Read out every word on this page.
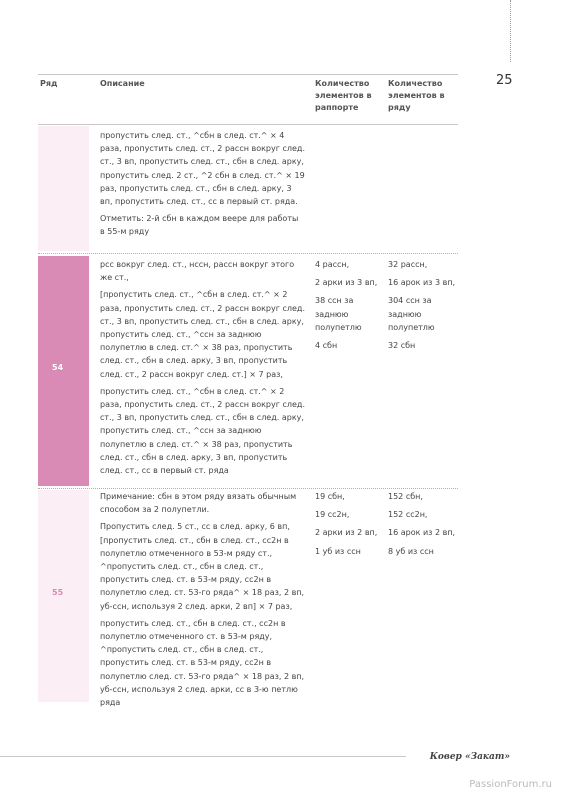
25
Ряд	Описание	Количество элементов в раппорте
Количество элементов в ряду

пропустить след. ст., ^сбн в след. ст.^ × 4 раза, пропустить след. ст., 2 рассн вокруг след. ст., 3 вп, пропустить след. ст., сбн в след. арку, пропустить след. 2 ст., ^2 сбн в след. ст.^ × 19 раз, пропустить след. ст., сбн в след. арку, 3 вп, пропустить след. ст., сс в первый ст. ряда.

Отметить: 2-й сбн в каждом веере для работы в 55-м ряду

54

рсс вокруг след. ст., нссн, рассн вокруг этого же ст.,

[пропустить след. ст., ^сбн в след. ст.^ × 2 раза, пропустить след. ст., 2 рассн вокруг след. ст., 3 вп, пропустить след. ст., сбн в след. арку, пропустить след. ст., ^ссн за заднюю полупетлю в след. ст.^ × 38 раз, пропустить след. ст., сбн в след. арку, 3 вп, пропустить след. ст., 2 рассн вокруг след. ст.] × 7 раз,

пропустить след. ст., ^сбн в след. ст.^ × 2 раза, пропустить след. ст., 2 рассн вокруг след. ст., 3 вп, пропустить след. ст., сбн в след. арку, пропустить след. ст., ^ссн за заднюю полупетлю в след. ст.^ × 38 раз, пропустить след. ст., сбн в след. арку, 3 вп, пропустить след. ст., сс в первый ст. ряда

4 рассн,

2 арки из 3 вп,

38 ссн за заднюю полупетлю

4 сбн

32 рассн,

16 арок из 3 вп,

304 ссн за заднюю полупетлю

32 сбн

55

Примечание: сбн в этом ряду вязать обычным способом за 2 полупетли.

Пропустить след. 5 ст., сс в след. арку, 6 вп, [пропустить след. ст., сбн в след. ст., сс2н в полупетлю отмеченного в 53-м ряду ст., ^пропустить след. ст., сбн в след. ст., пропустить след. ст. в 53-м ряду, сс2н в полупетлю след. ст. 53-го ряда^ × 18 раз, 2 вп, уб-ссн, используя 2 след. арки, 2 вп] × 7 раз,

пропустить след. ст., сбн в след. ст., сс2н в полупетлю отмеченного ст. в 53-м ряду, ^пропустить след. ст., сбн в след. ст., пропустить след. ст. в 53-м ряду, сс2н в полупетлю след. ст. 53-го ряда^ × 18 раз, 2 вп, уб-ссн, используя 2 след. арки, сс в 3-ю петлю ряда

19 сбн,

19 сс2н,

2 арки из 2 вп,

1 уб из ссн

152 сбн,

152 сс2н,

16 арок из 2 вп,

8 уб из ссн

Ковер «Закат»
PassionForum.ru
